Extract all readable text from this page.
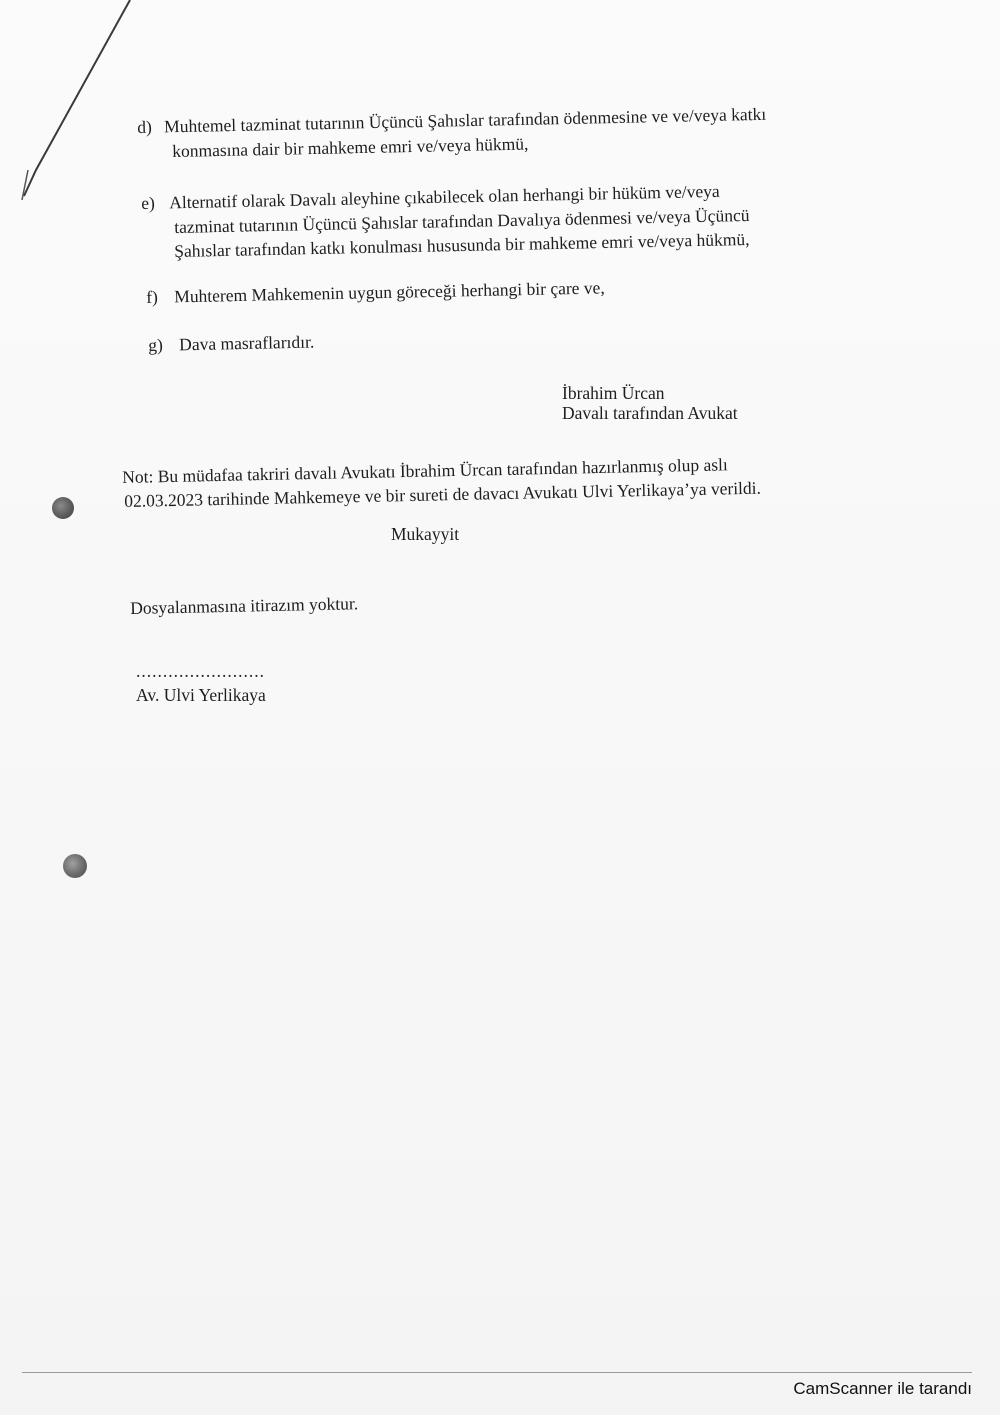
d) Muhtemel tazminat tutarının Üçüncü Şahıslar tarafından ödenmesine ve ve/veya katkı
konmasına dair bir mahkeme emri ve/veya hükmü,
e) Alternatif olarak Davalı aleyhine çıkabilecek olan herhangi bir hüküm ve/veya
tazminat tutarının Üçüncü Şahıslar tarafından Davalıya ödenmesi ve/veya Üçüncü
Şahıslar tarafından katkı konulması hususunda bir mahkeme emri ve/veya hükmü,
f) Muhterem Mahkemenin uygun göreceği herhangi bir çare ve,
g) Dava masraflarıdır.
İbrahim Ürcan
Davalı tarafından Avukat
Not: Bu müdafaa takriri davalı Avukatı İbrahim Ürcan tarafından hazırlanmış olup aslı
02.03.2023 tarihinde Mahkemeye ve bir sureti de davacı Avukatı Ulvi Yerlikaya’ya verildi.
Mukayyit
Dosyalanmasına itirazım yoktur.
........................
Av. Ulvi Yerlikaya
CamScanner ile tarandı
